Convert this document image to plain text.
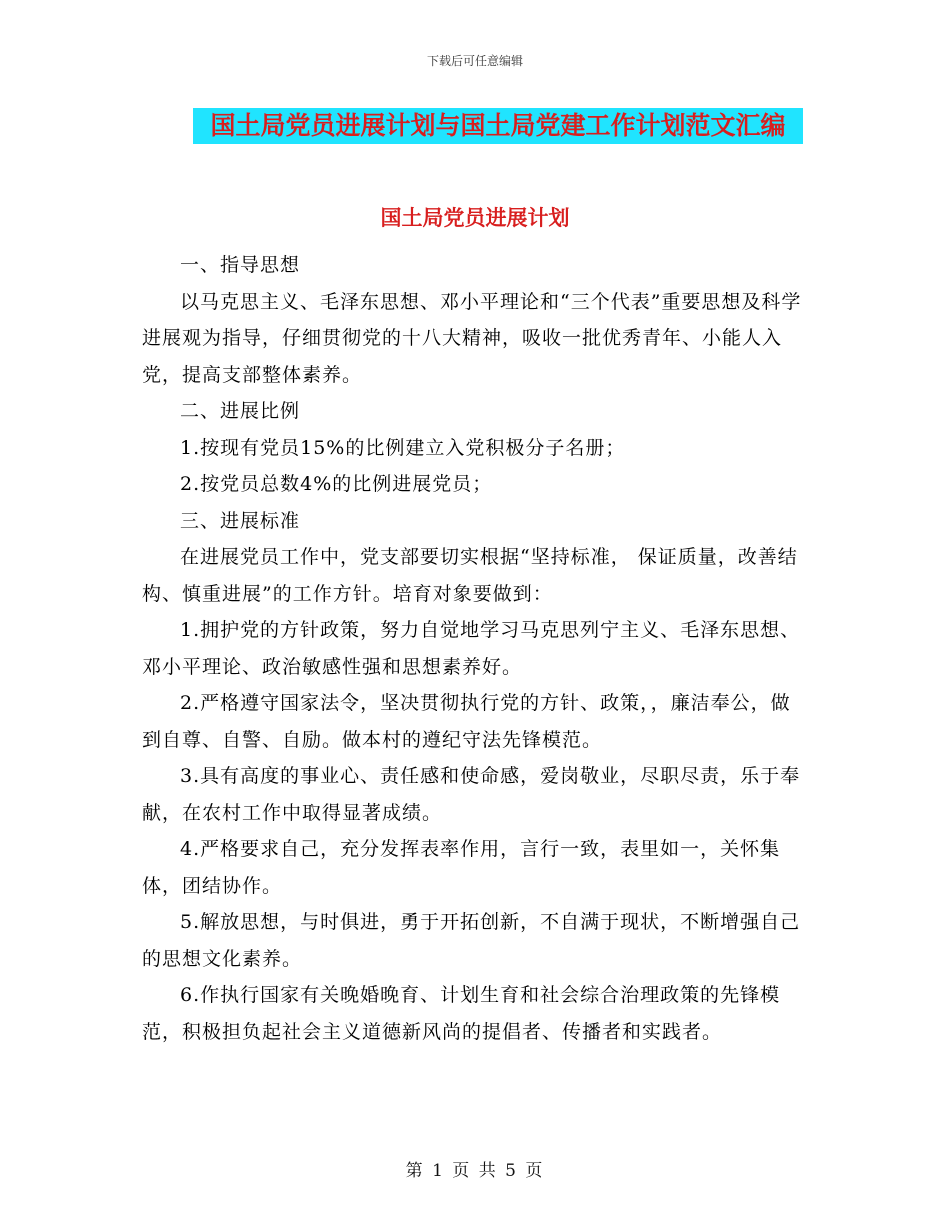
下载后可任意编辑
国土局党员进展计划与国土局党建工作计划范文汇编
国土局党员进展计划

一、指导思想

以马克思主义、毛泽东思想、邓小平理论和“三个代表”重要思想及科学进展观为指导，仔细贯彻党的十八大精神，吸收一批优秀青年、小能人入党，提高支部整体素养。

二、进展比例

1.按现有党员15%的比例建立入党积极分子名册；

2.按党员总数4%的比例进展党员；

三、进展标准

在进展党员工作中，党支部要切实根据“坚持标准， 保证质量，改善结构、慎重进展”的工作方针。培育对象要做到：

1.拥护党的方针政策，努力自觉地学习马克思列宁主义、毛泽东思想、邓小平理论、政治敏感性强和思想素养好。

2.严格遵守国家法令，坚决贯彻执行党的方针、政策，，廉洁奉公，做到自尊、自警、自励。做本村的遵纪守法先锋模范。

3.具有高度的事业心、责任感和使命感，爱岗敬业，尽职尽责，乐于奉献，在农村工作中取得显著成绩。

4.严格要求自己，充分发挥表率作用，言行一致，表里如一，关怀集体，团结协作。

5.解放思想，与时俱进，勇于开拓创新，不自满于现状，不断增强自己的思想文化素养。

6.作执行国家有关晚婚晚育、计划生育和社会综合治理政策的先锋模范，积极担负起社会主义道德新风尚的提倡者、传播者和实践者。

第 1 页 共 5 页
